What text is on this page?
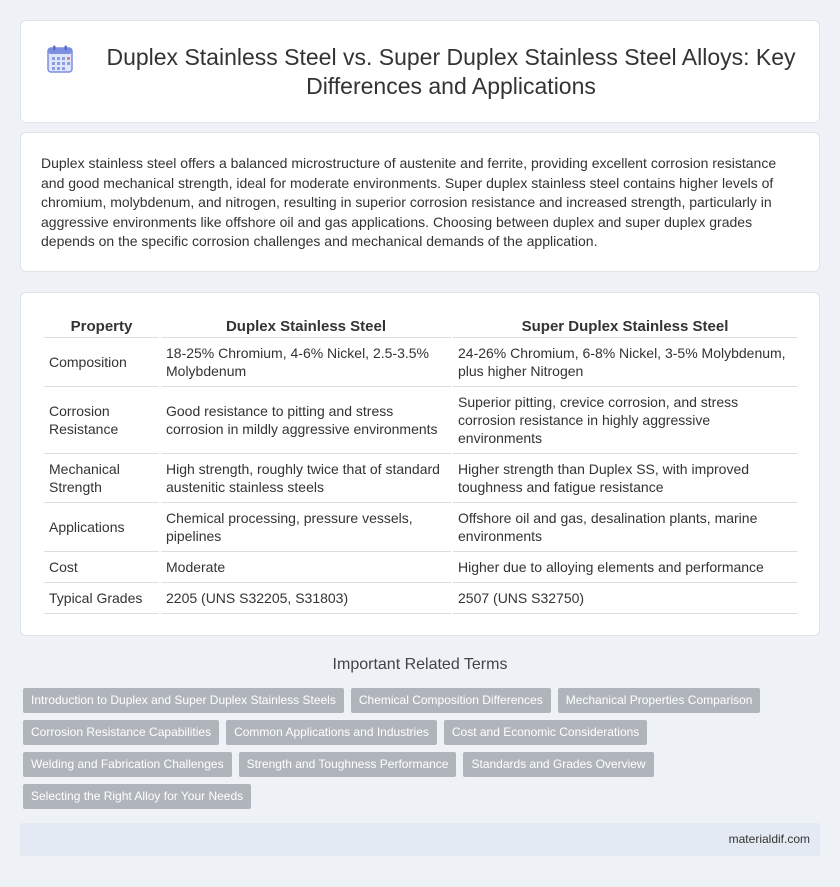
Duplex Stainless Steel vs. Super Duplex Stainless Steel Alloys: Key Differences and Applications

Duplex stainless steel offers a balanced microstructure of austenite and ferrite, providing excellent corrosion resistance and good mechanical strength, ideal for moderate environments. Super duplex stainless steel contains higher levels of chromium, molybdenum, and nitrogen, resulting in superior corrosion resistance and increased strength, particularly in aggressive environments like offshore oil and gas applications. Choosing between duplex and super duplex grades depends on the specific corrosion challenges and mechanical demands of the application.

Property	Duplex Stainless Steel	Super Duplex Stainless Steel
Composition	18-25% Chromium, 4-6% Nickel, 2.5-3.5% Molybdenum	24-26% Chromium, 6-8% Nickel, 3-5% Molybdenum, plus higher Nitrogen
Corrosion Resistance	Good resistance to pitting and stress corrosion in mildly aggressive environments	Superior pitting, crevice corrosion, and stress corrosion resistance in highly aggressive environments
Mechanical Strength	High strength, roughly twice that of standard austenitic stainless steels	Higher strength than Duplex SS, with improved toughness and fatigue resistance
Applications	Chemical processing, pressure vessels, pipelines	Offshore oil and gas, desalination plants, marine environments
Cost	Moderate	Higher due to alloying elements and performance
Typical Grades	2205 (UNS S32205, S31803)	2507 (UNS S32750)
Important Related Terms
Introduction to Duplex and Super Duplex Stainless Steels	Chemical Composition Differences	Mechanical Properties Comparison
Corrosion Resistance Capabilities	Common Applications and Industries	Cost and Economic Considerations
Welding and Fabrication Challenges	Strength and Toughness Performance	Standards and Grades Overview
Selecting the Right Alloy for Your Needs
materialdif.com
